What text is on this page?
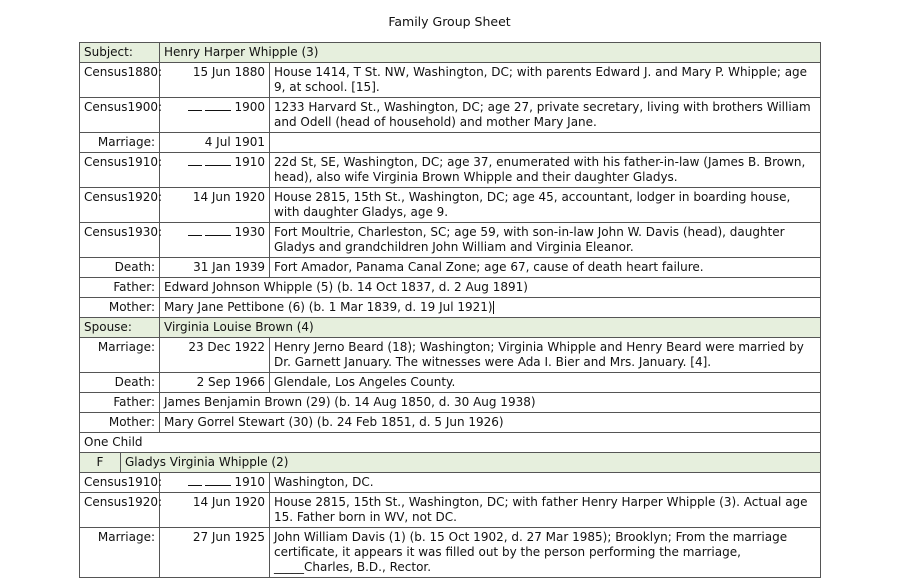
Family Group Sheet
Subject:	Henry Harper Whipple (3)
Census1880:	15 Jun 1880	House 1414, T St. NW, Washington, DC; with parents Edward J. and Mary P. Whipple; age 9, at school. [15].
Census1900:	1900	1233 Harvard St., Washington, DC; age 27, private secretary, living with brothers William and Odell (head of household) and mother Mary Jane.
Marriage:	4 Jul 1901	
Census1910:	1910	22d St, SE, Washington, DC; age 37, enumerated with his father-in-law (James B. Brown, head), also wife Virginia Brown Whipple and their daughter Gladys.
Census1920:	14 Jun 1920	House 2815, 15th St., Washington, DC; age 45, accountant, lodger in boarding house, with daughter Gladys, age 9.
Census1930:	1930	Fort Moultrie, Charleston, SC; age 59, with son-in-law John W. Davis (head), daughter Gladys and grandchildren John William and Virginia Eleanor.
Death:	31 Jan 1939	Fort Amador, Panama Canal Zone; age 67, cause of death heart failure.
Father:	Edward Johnson Whipple (5) (b. 14 Oct 1837, d. 2 Aug 1891)
Mother:	Mary Jane Pettibone (6) (b. 1 Mar 1839, d. 19 Jul 1921)
Spouse:	Virginia Louise Brown (4)
Marriage:	23 Dec 1922	Henry Jerno Beard (18); Washington; Virginia Whipple and Henry Beard were married by Dr. Garnett January. The witnesses were Ada I. Bier and Mrs. January. [4].
Death:	2 Sep 1966	Glendale, Los Angeles County.
Father:	James Benjamin Brown (29) (b. 14 Aug 1850, d. 30 Aug 1938)
Mother:	Mary Gorrel Stewart (30) (b. 24 Feb 1851, d. 5 Jun 1926)
One Child

F	Gladys Virginia Whipple (2)

Census1910:	1910	Washington, DC.
Census1920:	14 Jun 1920	House 2815, 15th St., Washington, DC; with father Henry Harper Whipple (3). Actual age 15. Father born in WV, not DC.
Marriage:	27 Jun 1925	John William Davis (1) (b. 15 Oct 1902, d. 27 Mar 1985); Brooklyn; From the marriage certificate, it appears it was filled out by the person performing the marriage, _____Charles, B.D., Rector.
